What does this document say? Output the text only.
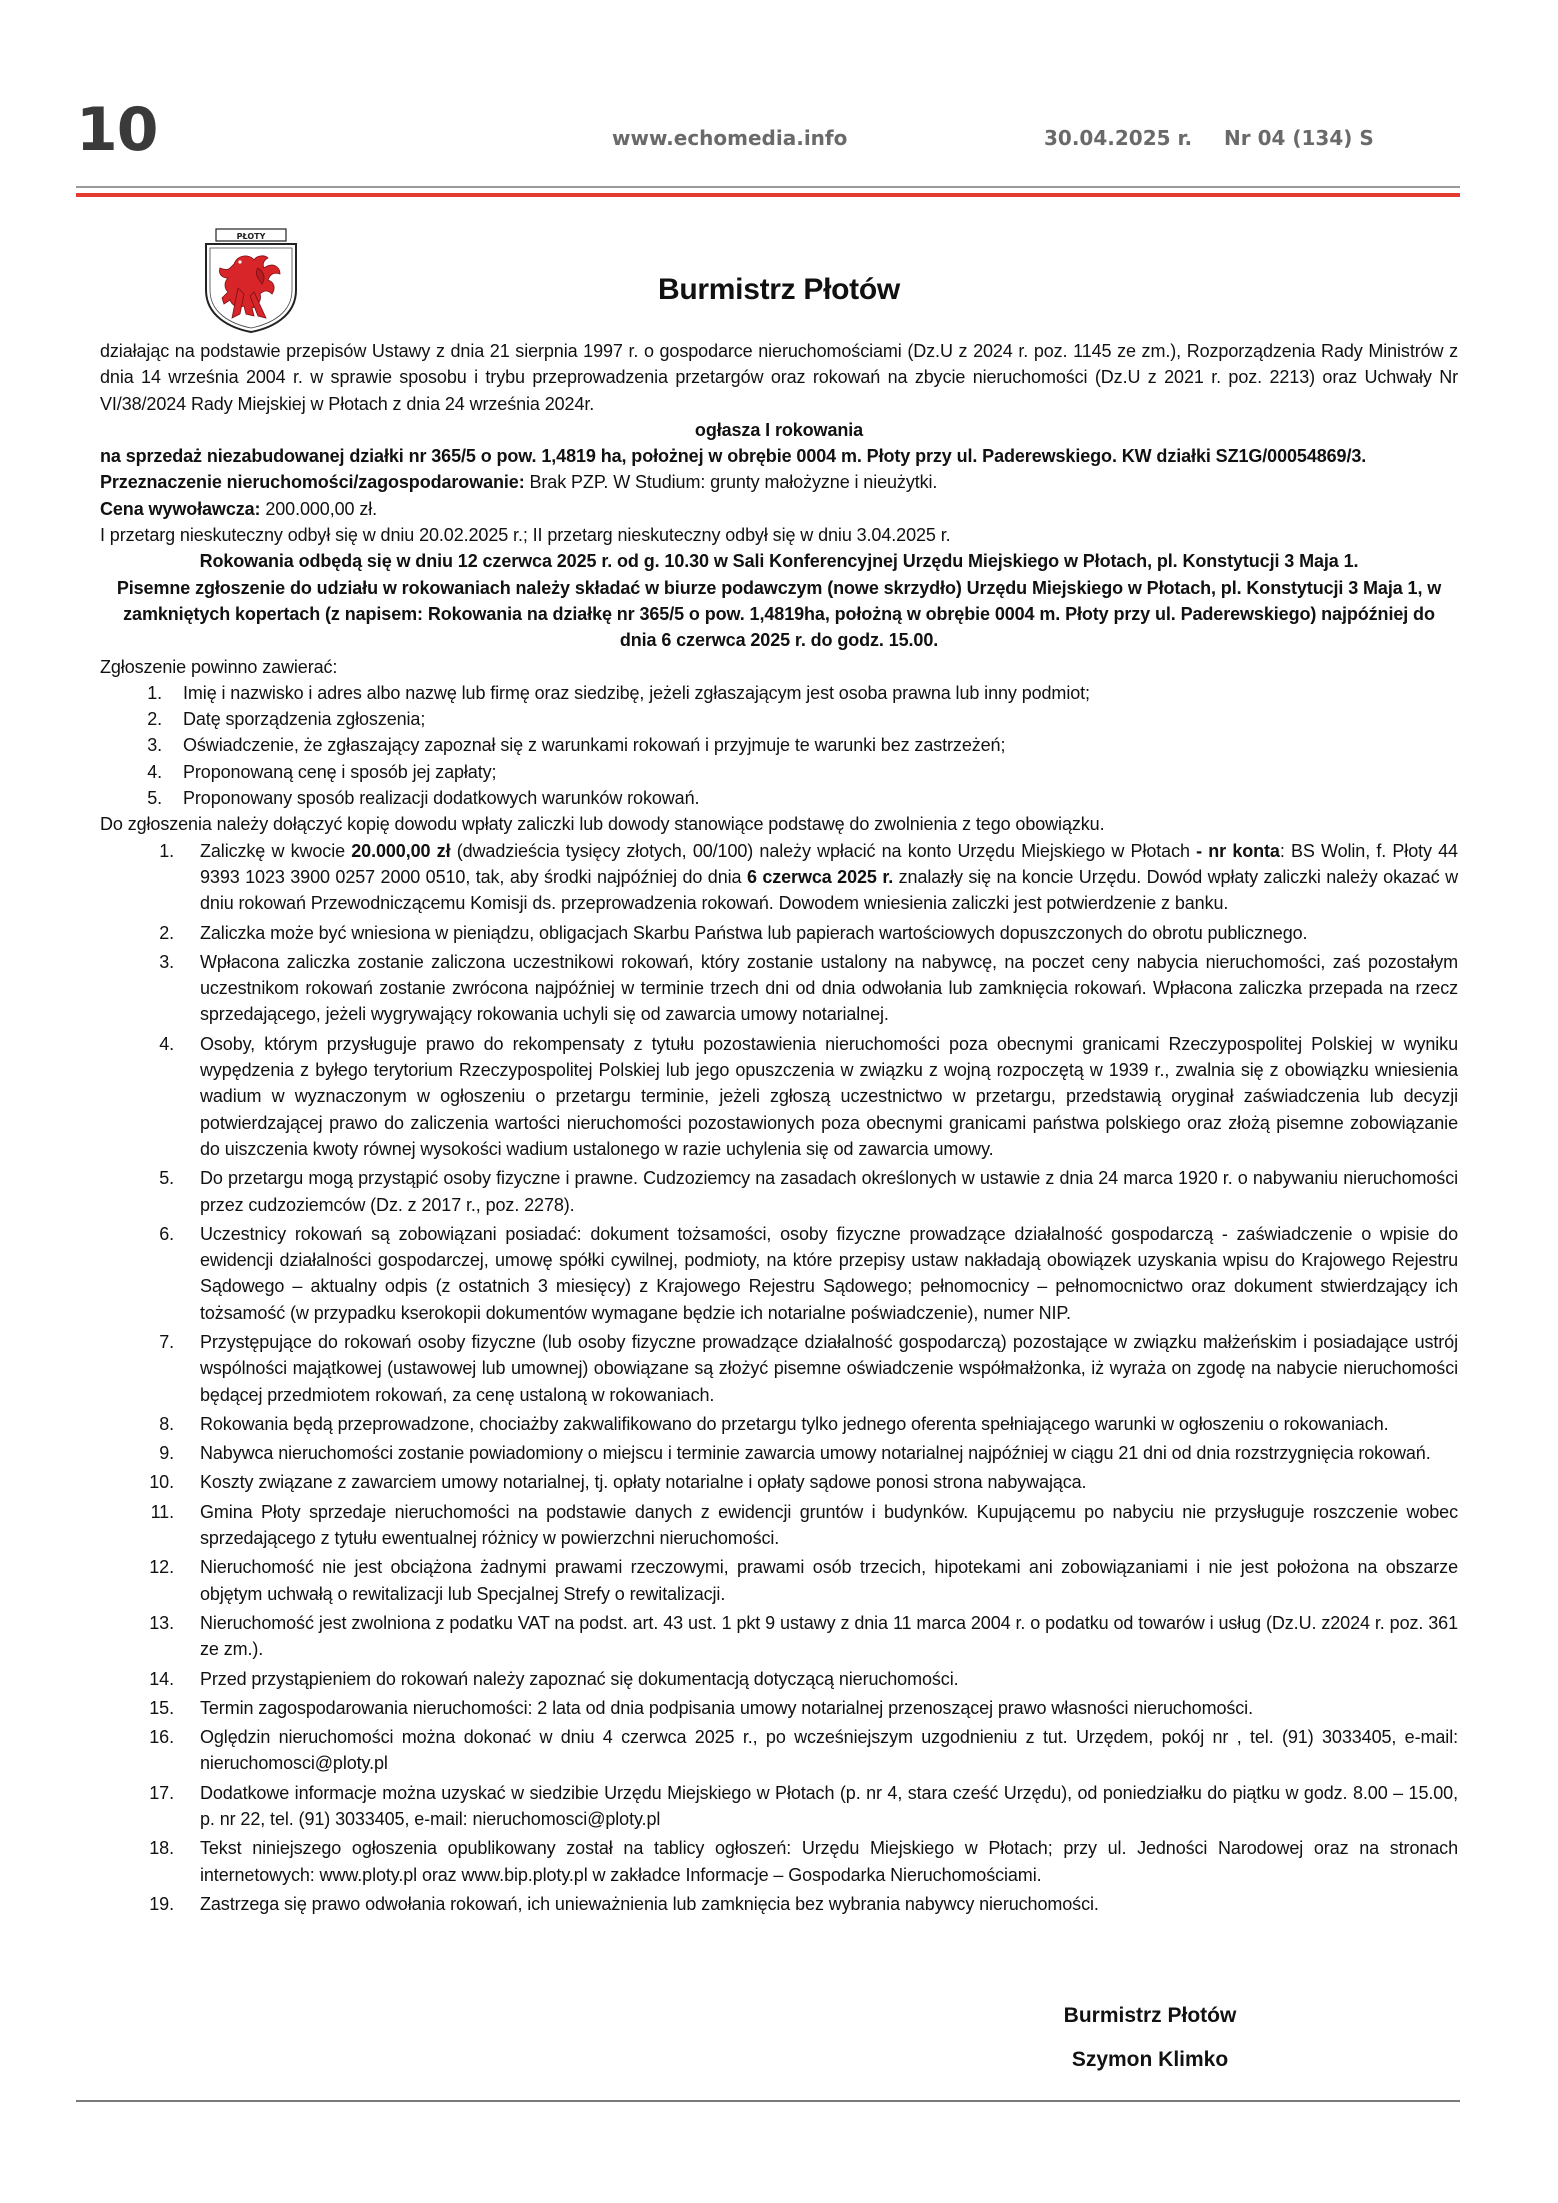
10	www.echomedia.info	30.04.2025 r. Nr 04 (134) S
PŁOTY
Burmistrz Płotów
działając na podstawie przepisów Ustawy z dnia 21 sierpnia 1997 r. o gospodarce nieruchomościami (Dz.U z 2024 r. poz. 1145 ze zm.), Rozporządzenia Rady Ministrów z dnia 14 września 2004 r. w sprawie sposobu i trybu przeprowadzenia przetargów oraz rokowań na zbycie nieruchomości (Dz.U z 2021 r. poz. 2213) oraz Uchwały Nr VI/38/2024 Rady Miejskiej w Płotach z dnia 24 września 2024r.
ogłasza I rokowania
na sprzedaż niezabudowanej działki nr 365/5 o pow. 1,4819 ha, położnej w obrębie 0004 m. Płoty przy ul. Paderewskiego. KW działki SZ1G/00054869/3.
Przeznaczenie nieruchomości/zagospodarowanie: Brak PZP. W Studium: grunty małożyzne i nieużytki.
Cena wywoławcza: 200.000,00 zł.
I przetarg nieskuteczny odbył się w dniu 20.02.2025 r.; II przetarg nieskuteczny odbył się w dniu 3.04.2025 r.
Rokowania odbędą się w dniu 12 czerwca 2025 r. od g. 10.30 w Sali Konferencyjnej Urzędu Miejskiego w Płotach, pl. Konstytucji 3 Maja 1.
Pisemne zgłoszenie do udziału w rokowaniach należy składać w biurze podawczym (nowe skrzydło) Urzędu Miejskiego w Płotach, pl. Konstytucji 3 Maja 1, w zamkniętych kopertach (z napisem: Rokowania na działkę nr 365/5 o pow. 1,4819ha, położną w obrębie 0004 m. Płoty przy ul. Paderewskiego) najpóźniej do dnia 6 czerwca 2025 r. do godz. 15.00.
Zgłoszenie powinno zawierać:
1.	Imię i nazwisko i adres albo nazwę lub firmę oraz siedzibę, jeżeli zgłaszającym jest osoba prawna lub inny podmiot;
2.	Datę sporządzenia zgłoszenia;
3.	Oświadczenie, że zgłaszający zapoznał się z warunkami rokowań i przyjmuje te warunki bez zastrzeżeń;
4.	Proponowaną cenę i sposób jej zapłaty;
5.	Proponowany sposób realizacji dodatkowych warunków rokowań.
Do zgłoszenia należy dołączyć kopię dowodu wpłaty zaliczki lub dowody stanowiące podstawę do zwolnienia z tego obowiązku.
1.	Zaliczkę w kwocie 20.000,00 zł (dwadzieścia tysięcy złotych, 00/100) należy wpłacić na konto Urzędu Miejskiego w Płotach - nr konta: BS Wolin, f. Płoty 44 9393 1023 3900 0257 2000 0510, tak, aby środki najpóźniej do dnia 6 czerwca 2025 r. znalazły się na koncie Urzędu. Dowód wpłaty zaliczki należy okazać w dniu rokowań Przewodniczącemu Komisji ds. przeprowadzenia rokowań. Dowodem wniesienia zaliczki jest potwierdzenie z banku.
2.	Zaliczka może być wniesiona w pieniądzu, obligacjach Skarbu Państwa lub papierach wartościowych dopuszczonych do obrotu publicznego.
3.	Wpłacona zaliczka zostanie zaliczona uczestnikowi rokowań, który zostanie ustalony na nabywcę, na poczet ceny nabycia nieruchomości, zaś pozostałym uczestnikom rokowań zostanie zwrócona najpóźniej w terminie trzech dni od dnia odwołania lub zamknięcia rokowań. Wpłacona zaliczka przepada na rzecz sprzedającego, jeżeli wygrywający rokowania uchyli się od zawarcia umowy notarialnej.
4.	Osoby, którym przysługuje prawo do rekompensaty z tytułu pozostawienia nieruchomości poza obecnymi granicami Rzeczypospolitej Polskiej w wyniku wypędzenia z byłego terytorium Rzeczypospolitej Polskiej lub jego opuszczenia w związku z wojną rozpoczętą w 1939 r., zwalnia się z obowiązku wniesienia wadium w wyznaczonym w ogłoszeniu o przetargu terminie, jeżeli zgłoszą uczestnictwo w przetargu, przedstawią oryginał zaświadczenia lub decyzji potwierdzającej prawo do zaliczenia wartości nieruchomości pozostawionych poza obecnymi granicami państwa polskiego oraz złożą pisemne zobowiązanie do uiszczenia kwoty równej wysokości wadium ustalonego w razie uchylenia się od zawarcia umowy.
5.	Do przetargu mogą przystąpić osoby fizyczne i prawne. Cudzoziemcy na zasadach określonych w ustawie z dnia 24 marca 1920 r. o nabywaniu nieruchomości przez cudzoziemców (Dz. z 2017 r., poz. 2278).
6.	Uczestnicy rokowań są zobowiązani posiadać: dokument tożsamości, osoby fizyczne prowadzące działalność gospodarczą - zaświadczenie o wpisie do ewidencji działalności gospodarczej, umowę spółki cywilnej, podmioty, na które przepisy ustaw nakładają obowiązek uzyskania wpisu do Krajowego Rejestru Sądowego – aktualny odpis (z ostatnich 3 miesięcy) z Krajowego Rejestru Sądowego; pełnomocnicy – pełnomocnictwo oraz dokument stwierdzający ich tożsamość (w przypadku kserokopii dokumentów wymagane będzie ich notarialne poświadczenie), numer NIP.
7.	Przystępujące do rokowań osoby fizyczne (lub osoby fizyczne prowadzące działalność gospodarczą) pozostające w związku małżeńskim i posiadające ustrój wspólności majątkowej (ustawowej lub umownej) obowiązane są złożyć pisemne oświadczenie współmałżonka, iż wyraża on zgodę na nabycie nieruchomości będącej przedmiotem rokowań, za cenę ustaloną w rokowaniach.
8.	Rokowania będą przeprowadzone, chociażby zakwalifikowano do przetargu tylko jednego oferenta spełniającego warunki w ogłoszeniu o rokowaniach.
9.	Nabywca nieruchomości zostanie powiadomiony o miejscu i terminie zawarcia umowy notarialnej najpóźniej w ciągu 21 dni od dnia rozstrzygnięcia rokowań.
10.	Koszty związane z zawarciem umowy notarialnej, tj. opłaty notarialne i opłaty sądowe ponosi strona nabywająca.
11.	Gmina Płoty sprzedaje nieruchomości na podstawie danych z ewidencji gruntów i budynków. Kupującemu po nabyciu nie przysługuje roszczenie wobec sprzedającego z tytułu ewentualnej różnicy w powierzchni nieruchomości.
12.	Nieruchomość nie jest obciążona żadnymi prawami rzeczowymi, prawami osób trzecich, hipotekami ani zobowiązaniami i nie jest położona na obszarze objętym uchwałą o rewitalizacji lub Specjalnej Strefy o rewitalizacji.
13.	Nieruchomość jest zwolniona z podatku VAT na podst. art. 43 ust. 1 pkt 9 ustawy z dnia 11 marca 2004 r. o podatku od towarów i usług (Dz.U. z2024 r. poz. 361 ze zm.).
14.	Przed przystąpieniem do rokowań należy zapoznać się dokumentacją dotyczącą nieruchomości.
15.	Termin zagospodarowania nieruchomości: 2 lata od dnia podpisania umowy notarialnej przenoszącej prawo własności nieruchomości.
16.	Oględzin nieruchomości można dokonać w dniu 4 czerwca 2025 r., po wcześniejszym uzgodnieniu z tut. Urzędem, pokój nr , tel. (91) 3033405, e-mail: nieruchomosci@ploty.pl
17.	Dodatkowe informacje można uzyskać w siedzibie Urzędu Miejskiego w Płotach (p. nr 4, stara cześć Urzędu), od poniedziałku do piątku w godz. 8.00 – 15.00, p. nr 22, tel. (91) 3033405, e-mail: nieruchomosci@ploty.pl
18.	Tekst niniejszego ogłoszenia opublikowany został na tablicy ogłoszeń: Urzędu Miejskiego w Płotach; przy ul. Jedności Narodowej oraz na stronach internetowych: www.ploty.pl oraz www.bip.ploty.pl w zakładce Informacje – Gospodarka Nieruchomościami.
19.	Zastrzega się prawo odwołania rokowań, ich unieważnienia lub zamknięcia bez wybrania nabywcy nieruchomości.
Burmistrz Płotów
Szymon Klimko
